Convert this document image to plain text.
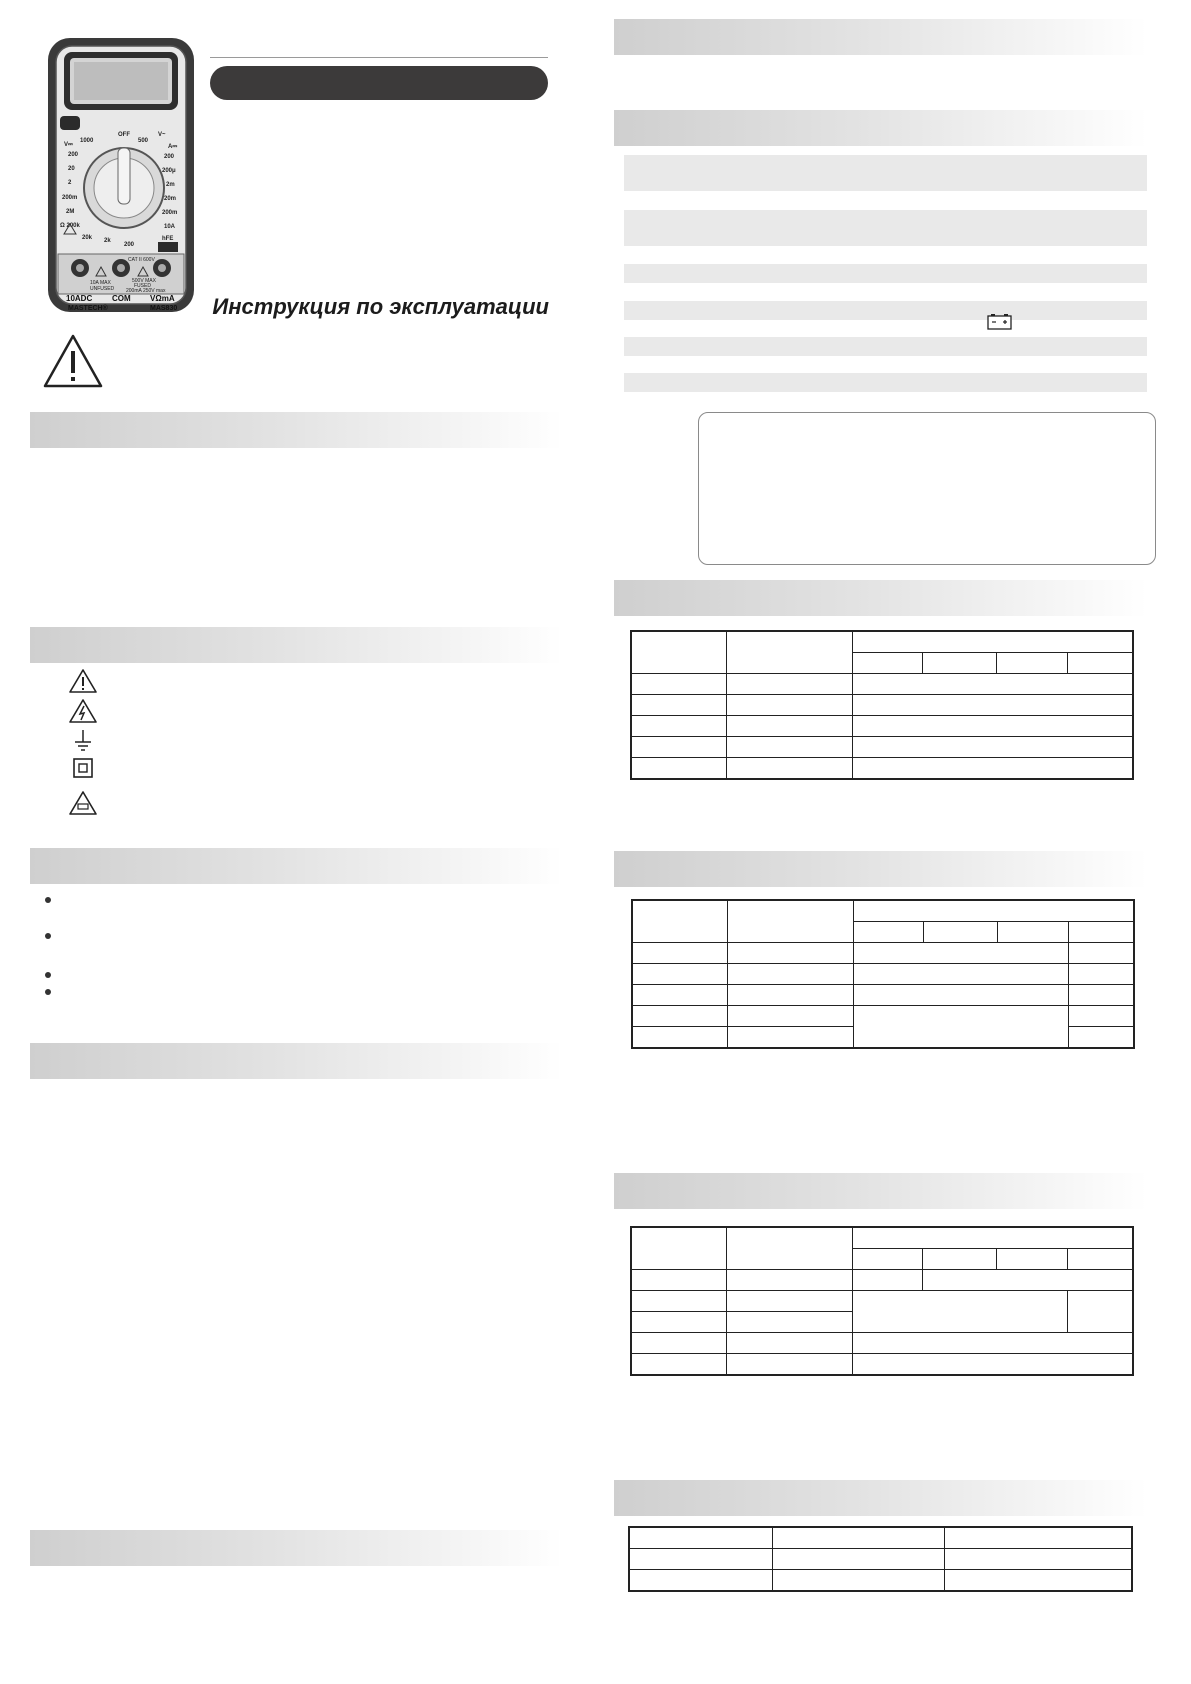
OFF
V⎓
1000
200
20
2
200m
2M
Ω 200k
20k
500
V~
A⎓
200
200μ
2m
20m
200m
10A
2k
200
hFE
CAT II 600V
10A MAX
UNFUSED
500V MAX
FUSED
200mA 250V max
10ADC COM VΩmA
MASTECH®	MAS830	Инструкция по эксплуатации
